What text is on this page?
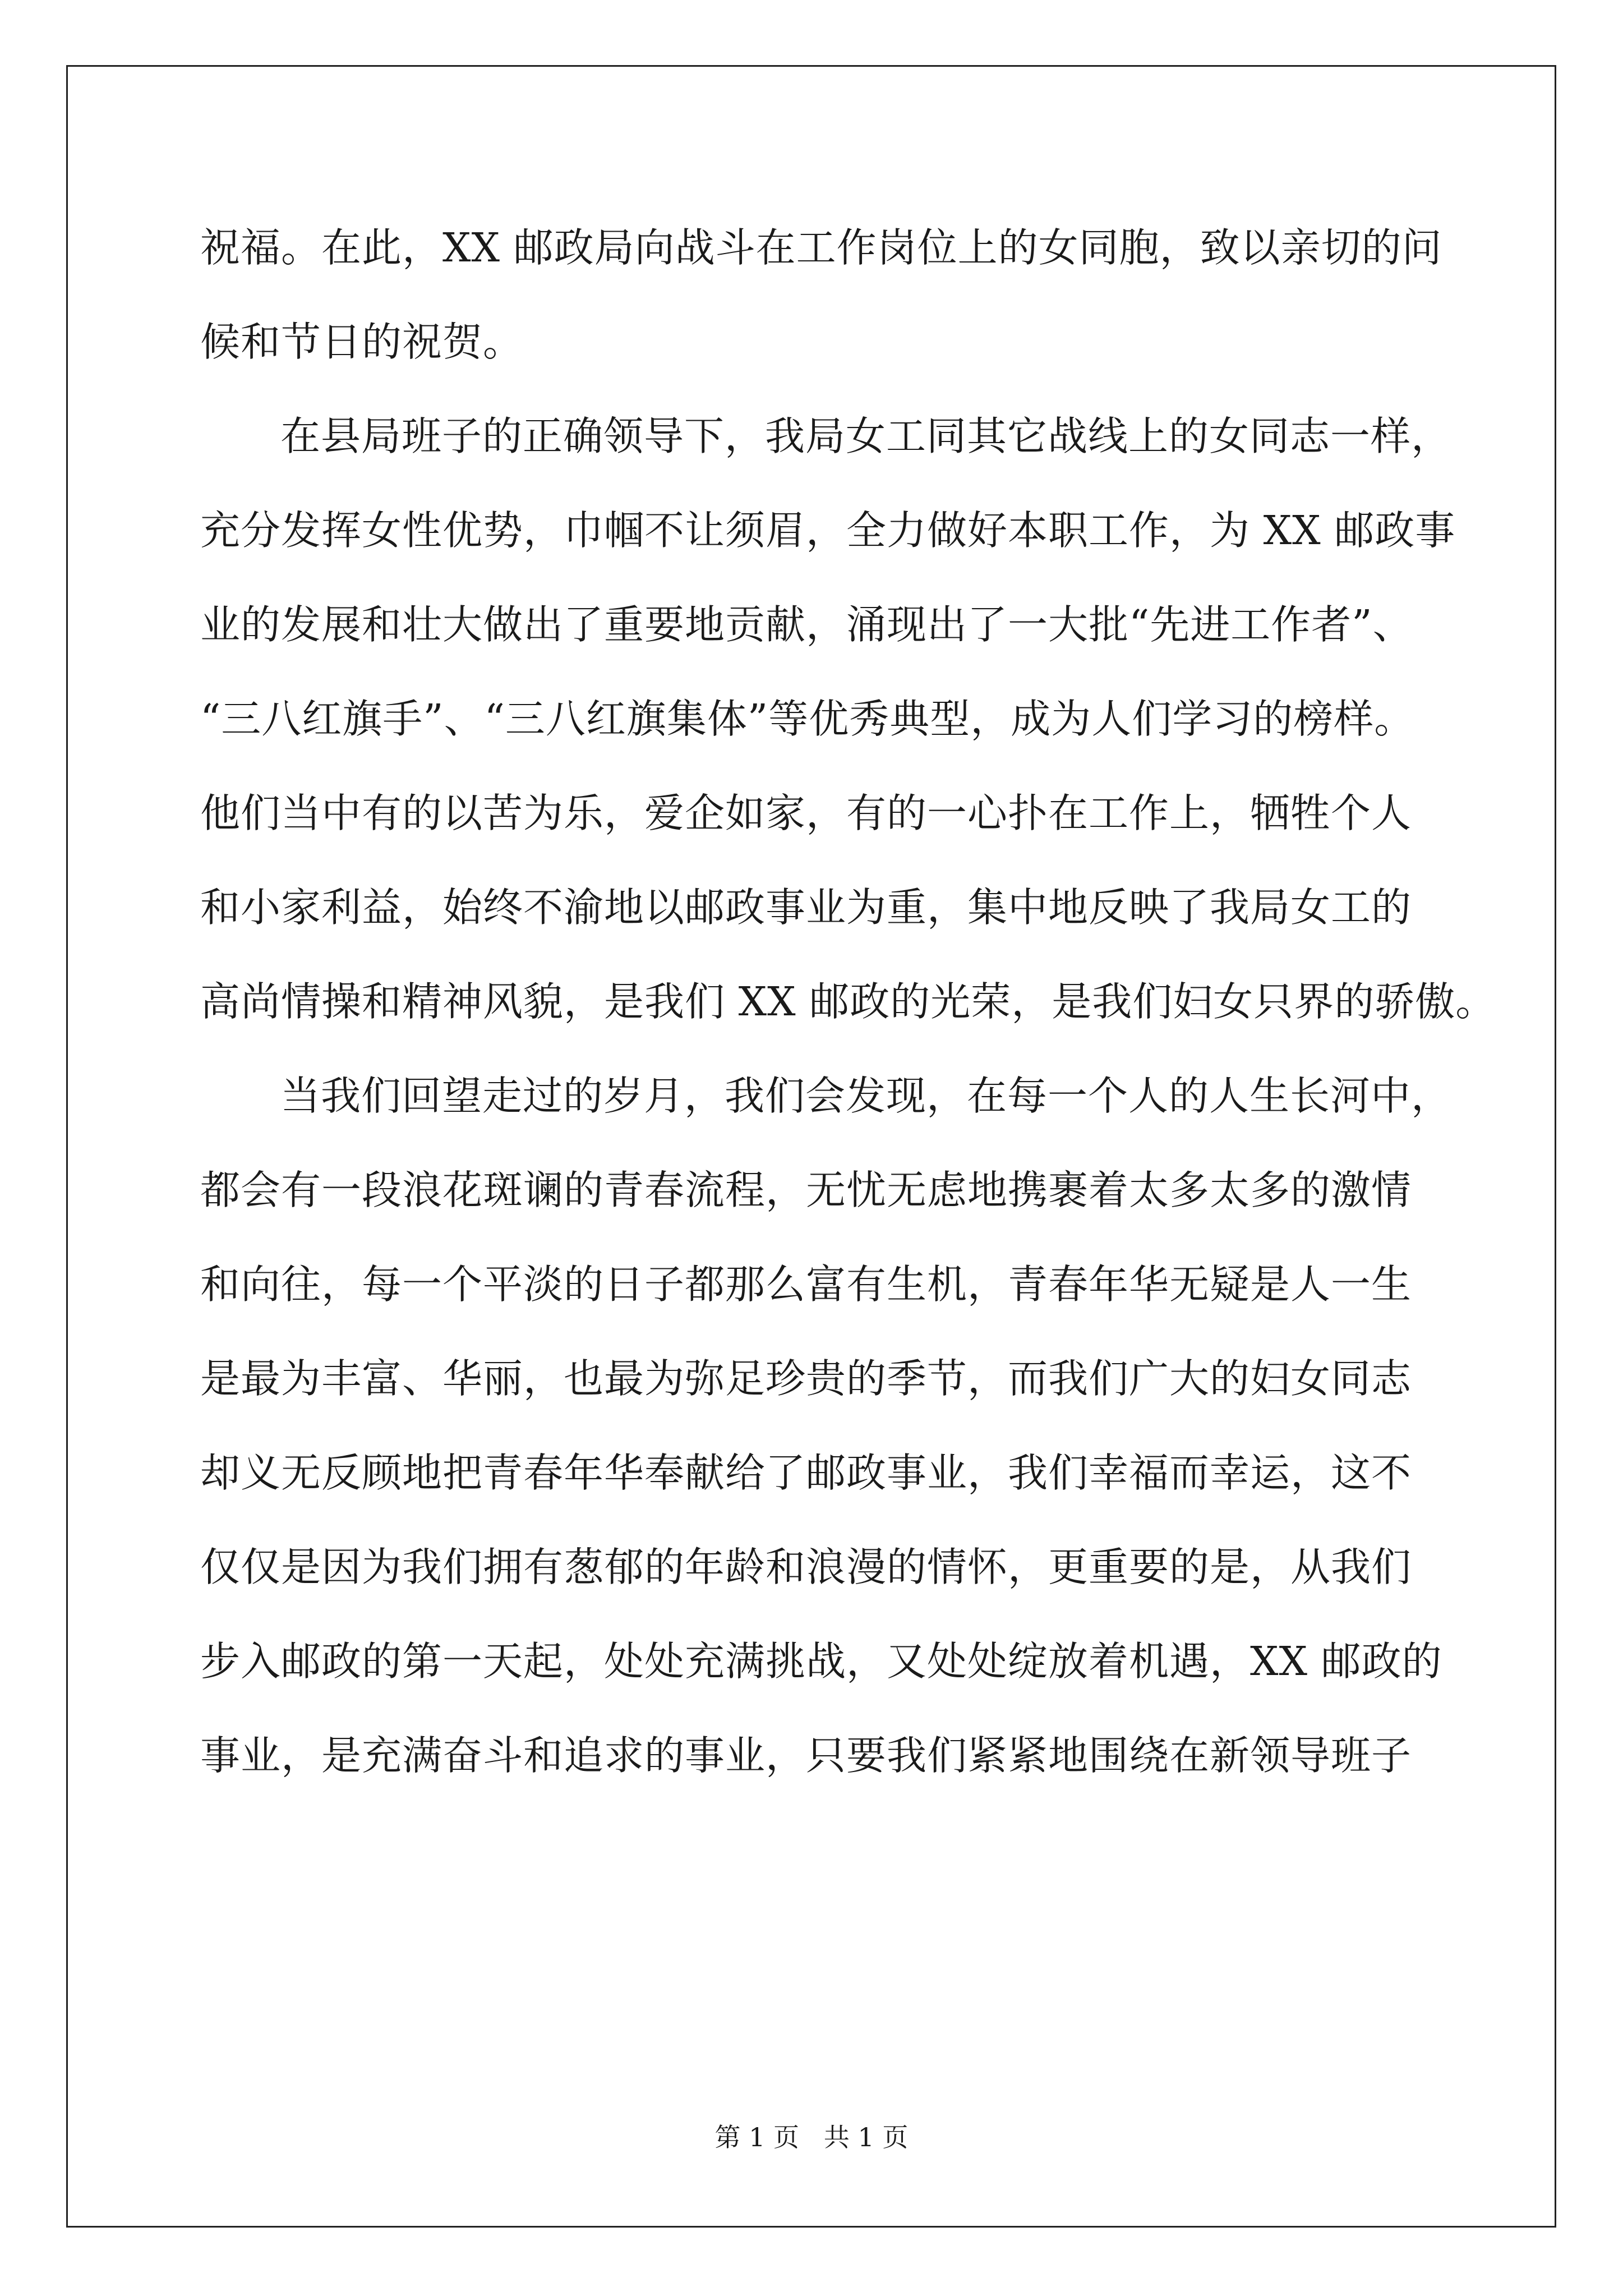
祝福。在此，XX 邮政局向战斗在工作岗位上的女同胞，致以亲切的问
候和节日的祝贺。
在县局班子的正确领导下，我局女工同其它战线上的女同志一样，
充分发挥女性优势，巾帼不让须眉，全力做好本职工作，为 XX 邮政事
业的发展和壮大做出了重要地贡献，涌现出了一大批“先进工作者”、
“三八红旗手”、“三八红旗集体”等优秀典型，成为人们学习的榜样。
他们当中有的以苦为乐，爱企如家，有的一心扑在工作上，牺牲个人
和小家利益，始终不渝地以邮政事业为重，集中地反映了我局女工的
高尚情操和精神风貌，是我们 XX 邮政的光荣，是我们妇女只界的骄傲。
当我们回望走过的岁月，我们会发现，在每一个人的人生长河中，
都会有一段浪花斑谰的青春流程，无忧无虑地携裹着太多太多的激情
和向往，每一个平淡的日子都那么富有生机，青春年华无疑是人一生
是最为丰富、华丽，也最为弥足珍贵的季节，而我们广大的妇女同志
却义无反顾地把青春年华奉献给了邮政事业，我们幸福而幸运，这不
仅仅是因为我们拥有葱郁的年龄和浪漫的情怀，更重要的是，从我们
步入邮政的第一天起，处处充满挑战，又处处绽放着机遇，XX 邮政的
事业，是充满奋斗和追求的事业，只要我们紧紧地围绕在新领导班子
第 1 页   共 1 页
